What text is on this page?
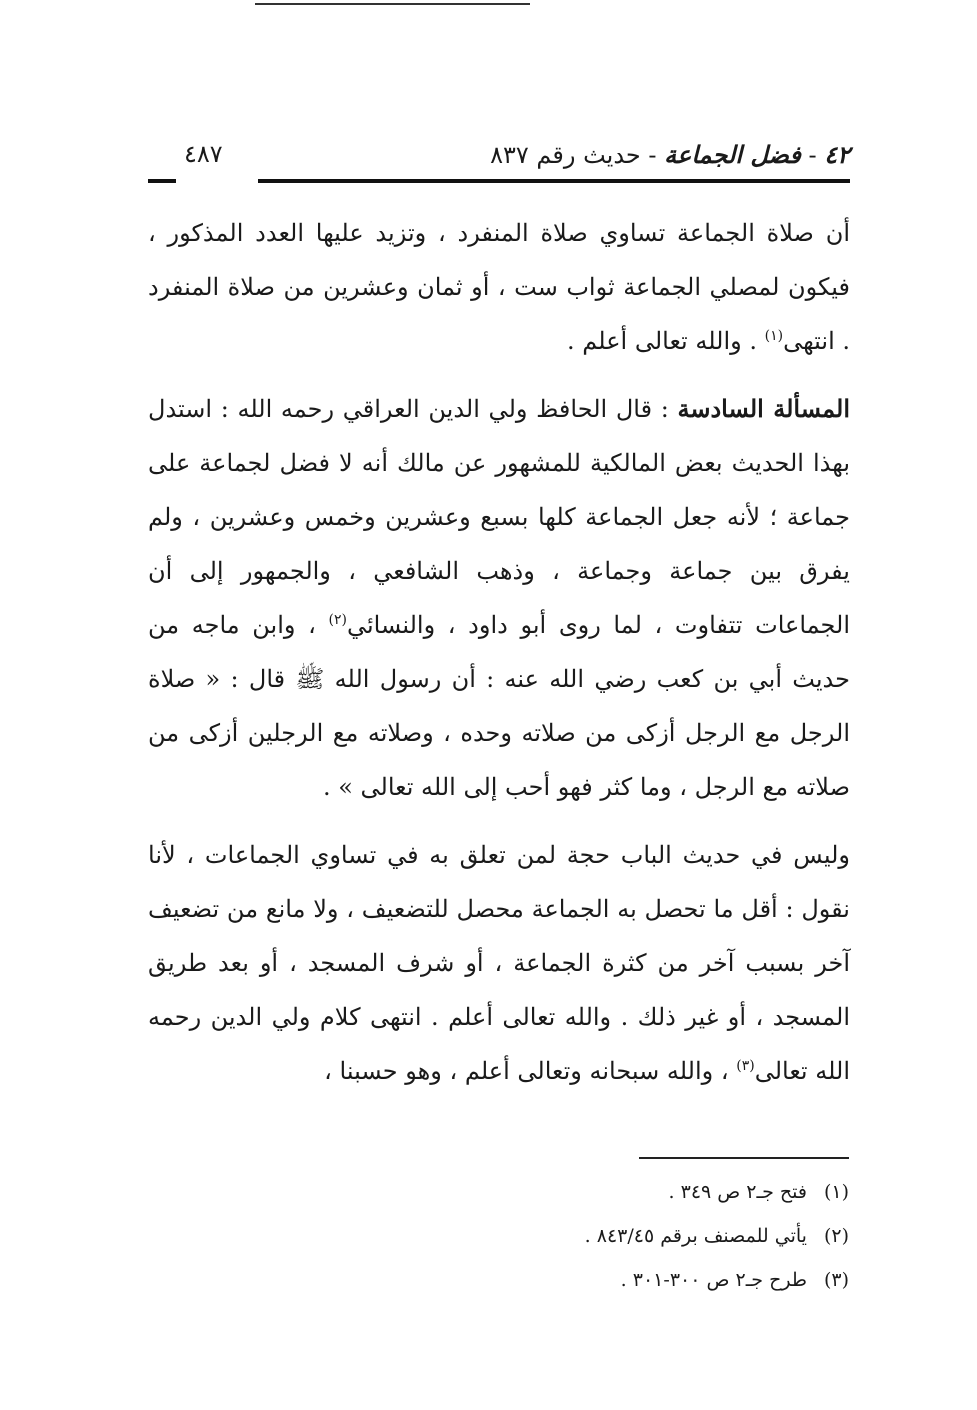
٤٢ - فضل الجماعة - حديث رقم ٨٣٧
٤٨٧

أن صلاة الجماعة تساوي صلاة المنفرد ، وتزيد عليها العدد المذكور ، فيكون لمصلي الجماعة ثواب ست ، أو ثمان وعشرين من صلاة المنفرد . انتهى$^{(١)}$ . والله تعالى أعلم .

المسألة السادسة : قال الحافظ ولي الدين العراقي رحمه الله : استدل بهذا الحديث بعض المالكية للمشهور عن مالك أنه لا فضل لجماعة على جماعة ؛ لأنه جعل الجماعة كلها بسبع وعشرين وخمس وعشرين ، ولم يفرق بين جماعة وجماعة ، وذهب الشافعي ، والجمهور إلى أن الجماعات تتفاوت ، لما روى أبو داود ، والنسائي$^{(٢)}$ ، وابن ماجه من حديث أبي بن كعب رضي الله عنه : أن رسول الله ﷺ قال : « صلاة الرجل مع الرجل أزكى من صلاته وحده ، وصلاته مع الرجلين أزكى من صلاته مع الرجل ، وما كثر فهو أحب إلى الله تعالى » .

وليس في حديث الباب حجة لمن تعلق به في تساوي الجماعات ، لأنا نقول : أقل ما تحصل به الجماعة محصل للتضعيف ، ولا مانع من تضعيف آخر بسبب آخر من كثرة الجماعة ، أو شرف المسجد ، أو بعد طريق المسجد ، أو غير ذلك . والله تعالى أعلم . انتهى كلام ولي الدين رحمه الله تعالى$^{(٣)}$ ، والله سبحانه وتعالى أعلم ، وهو حسبنا ،

(١) فتح جـ٢ ص ٣٤٩ .
(٢) يأتي للمصنف برقم ٨٤٣/٤٥ .
(٣) طرح جـ٢ ص ٣٠٠-٣٠١ .
